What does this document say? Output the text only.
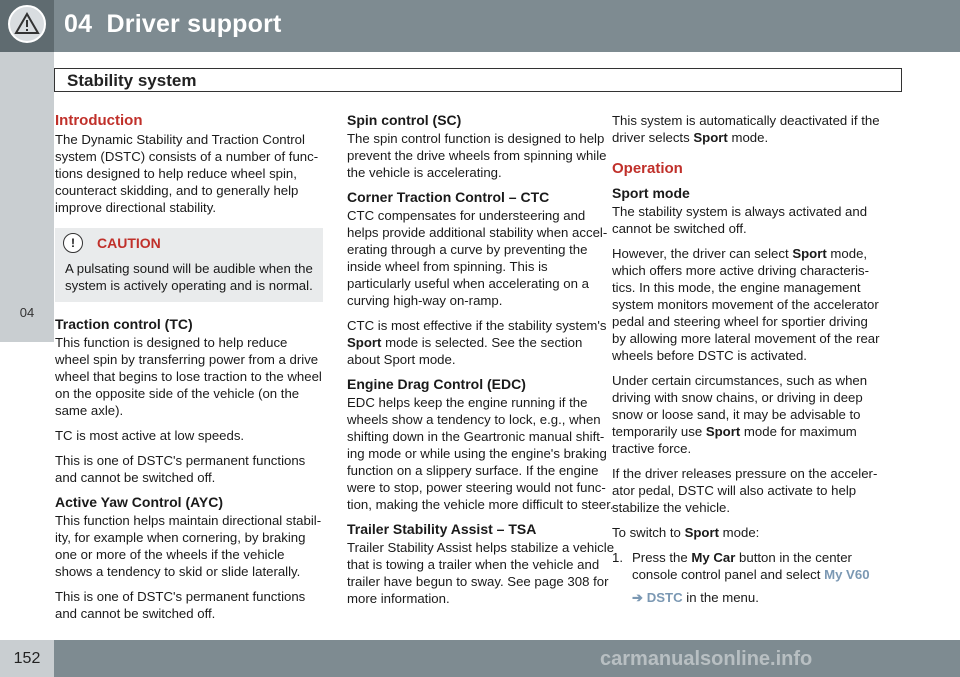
04 Driver support
04
Stability system
Introduction

The Dynamic Stability and Traction Control system (DSTC) consists of a number of func-tions designed to help reduce wheel spin, counteract skidding, and to generally help improve directional stability.

!	CAUTION
A pulsating sound will be audible when the system is actively operating and is normal.
Traction control (TC)

This function is designed to help reduce wheel spin by transferring power from a drive wheel that begins to lose traction to the wheel on the opposite side of the vehicle (on the same axle).

TC is most active at low speeds.

This is one of DSTC's permanent functions and cannot be switched off.

Active Yaw Control (AYC)

This function helps maintain directional stabil-ity, for example when cornering, by braking one or more of the wheels if the vehicle shows a tendency to skid or slide laterally.

This is one of DSTC's permanent functions and cannot be switched off.

Spin control (SC)

The spin control function is designed to help prevent the drive wheels from spinning while the vehicle is accelerating.

Corner Traction Control – CTC

CTC compensates for understeering and helps provide additional stability when accel-erating through a curve by preventing the inside wheel from spinning. This is particularly useful when accelerating on a curving high-way on-ramp.

CTC is most effective if the stability system's Sport mode is selected. See the section about Sport mode.

Engine Drag Control (EDC)

EDC helps keep the engine running if the wheels show a tendency to lock, e.g., when shifting down in the Geartronic manual shift-ing mode or while using the engine's braking function on a slippery surface. If the engine were to stop, power steering would not func-tion, making the vehicle more difficult to steer.

Trailer Stability Assist – TSA

Trailer Stability Assist helps stabilize a vehicle that is towing a trailer when the vehicle and trailer have begun to sway. See page 308 for more information.

This system is automatically deactivated if the driver selects Sport mode.

Operation
Sport mode

The stability system is always activated and cannot be switched off.

However, the driver can select Sport mode, which offers more active driving characteris-tics. In this mode, the engine management system monitors movement of the accelerator pedal and steering wheel for sportier driving by allowing more lateral movement of the rear wheels before DSTC is activated.

Under certain circumstances, such as when driving with snow chains, or driving in deep snow or loose sand, it may be advisable to temporarily use Sport mode for maximum tractive force.

If the driver releases pressure on the acceler-ator pedal, DSTC will also activate to help stabilize the vehicle.

To switch to Sport mode:

1. Press the My Car button in the center console control panel and select My V60
➔ DSTC in the menu.
152	carmanualsonline.info
